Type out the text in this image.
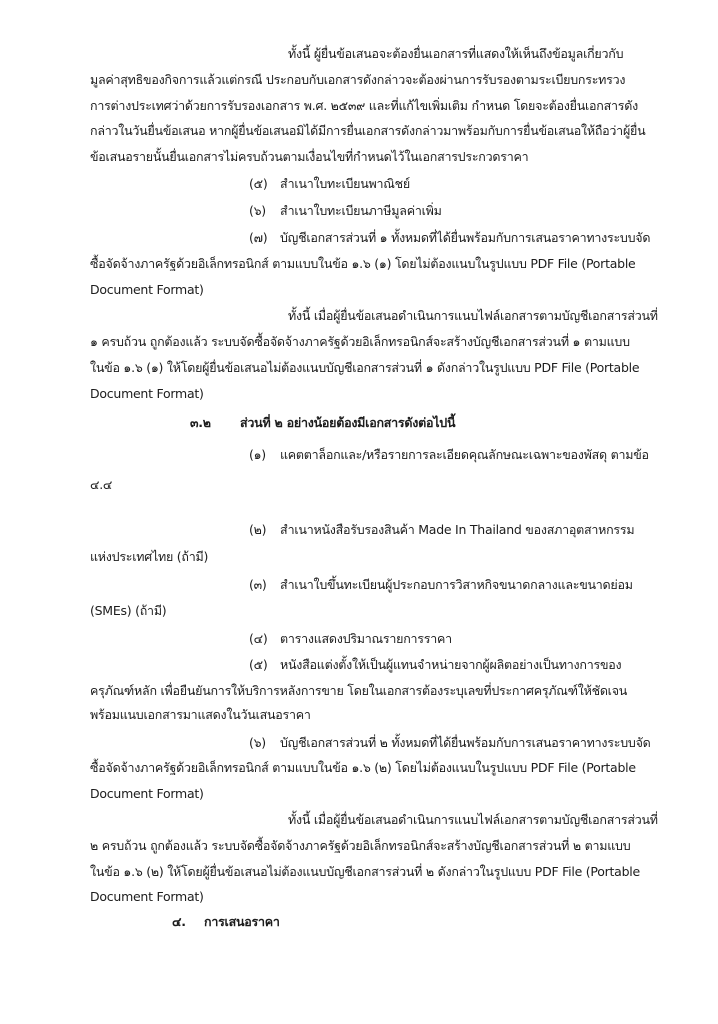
ทั้งนี้ ผู้ยื่นข้อเสนอจะต้องยื่นเอกสารที่แสดงให้เห็นถึงข้อมูลเกี่ยวกับ
มูลค่าสุทธิของกิจการแล้วแต่กรณี ประกอบกับเอกสารดังกล่าวจะต้องผ่านการรับรองตามระเบียบกระทรวง
การต่างประเทศว่าด้วยการรับรองเอกสาร พ.ศ. ๒๕๓๙ และที่แก้ไขเพิ่มเติม กำหนด โดยจะต้องยื่นเอกสารดัง
กล่าวในวันยื่นข้อเสนอ หากผู้ยื่นข้อเสนอมิได้มีการยื่นเอกสารดังกล่าวมาพร้อมกับการยื่นข้อเสนอให้ถือว่าผู้ยื่น
ข้อเสนอรายนั้นยื่นเอกสารไม่ครบถ้วนตามเงื่อนไขที่กำหนดไว้ในเอกสารประกวดราคา
(๕) สำเนาใบทะเบียนพาณิชย์
(๖) สำเนาใบทะเบียนภาษีมูลค่าเพิ่ม
(๗) บัญชีเอกสารส่วนที่ ๑ ทั้งหมดที่ได้ยื่นพร้อมกับการเสนอราคาทางระบบจัด
ซื้อจัดจ้างภาครัฐด้วยอิเล็กทรอนิกส์ ตามแบบในข้อ ๑.๖ (๑) โดยไม่ต้องแนบในรูปแบบ PDF File (Portable
Document Format)
ทั้งนี้ เมื่อผู้ยื่นข้อเสนอดำเนินการแนบไฟล์เอกสารตามบัญชีเอกสารส่วนที่
๑ ครบถ้วน ถูกต้องแล้ว ระบบจัดซื้อจัดจ้างภาครัฐด้วยอิเล็กทรอนิกส์จะสร้างบัญชีเอกสารส่วนที่ ๑ ตามแบบ
ในข้อ ๑.๖ (๑) ให้โดยผู้ยื่นข้อเสนอไม่ต้องแนบบัญชีเอกสารส่วนที่ ๑ ดังกล่าวในรูปแบบ PDF File (Portable
Document Format)
๓.๒ ส่วนที่ ๒ อย่างน้อยต้องมีเอกสารดังต่อไปนี้
(๑) แคตตาล็อกและ/หรือรายการละเอียดคุณลักษณะเฉพาะของพัสดุ ตามข้อ
๔.๔
(๒) สำเนาหนังสือรับรองสินค้า Made In Thailand ของสภาอุตสาหกรรม
แห่งประเทศไทย (ถ้ามี)
(๓) สำเนาใบขึ้นทะเบียนผู้ประกอบการวิสาหกิจขนาดกลางและขนาดย่อม
(SMEs) (ถ้ามี)
(๔) ตารางแสดงปริมาณรายการราคา
(๕) หนังสือแต่งตั้งให้เป็นผู้แทนจำหน่ายจากผู้ผลิตอย่างเป็นทางการของ
ครุภัณฑ์หลัก เพื่อยืนยันการให้บริการหลังการขาย โดยในเอกสารต้องระบุเลขที่ประกาศครุภัณฑ์ให้ชัดเจน
พร้อมแนบเอกสารมาแสดงในวันเสนอราคา
(๖) บัญชีเอกสารส่วนที่ ๒ ทั้งหมดที่ได้ยื่นพร้อมกับการเสนอราคาทางระบบจัด
ซื้อจัดจ้างภาครัฐด้วยอิเล็กทรอนิกส์ ตามแบบในข้อ ๑.๖ (๒) โดยไม่ต้องแนบในรูปแบบ PDF File (Portable
Document Format)
ทั้งนี้ เมื่อผู้ยื่นข้อเสนอดำเนินการแนบไฟล์เอกสารตามบัญชีเอกสารส่วนที่
๒ ครบถ้วน ถูกต้องแล้ว ระบบจัดซื้อจัดจ้างภาครัฐด้วยอิเล็กทรอนิกส์จะสร้างบัญชีเอกสารส่วนที่ ๒ ตามแบบ
ในข้อ ๑.๖ (๒) ให้โดยผู้ยื่นข้อเสนอไม่ต้องแนบบัญชีเอกสารส่วนที่ ๒ ดังกล่าวในรูปแบบ PDF File (Portable
Document Format)
๔. การเสนอราคา
